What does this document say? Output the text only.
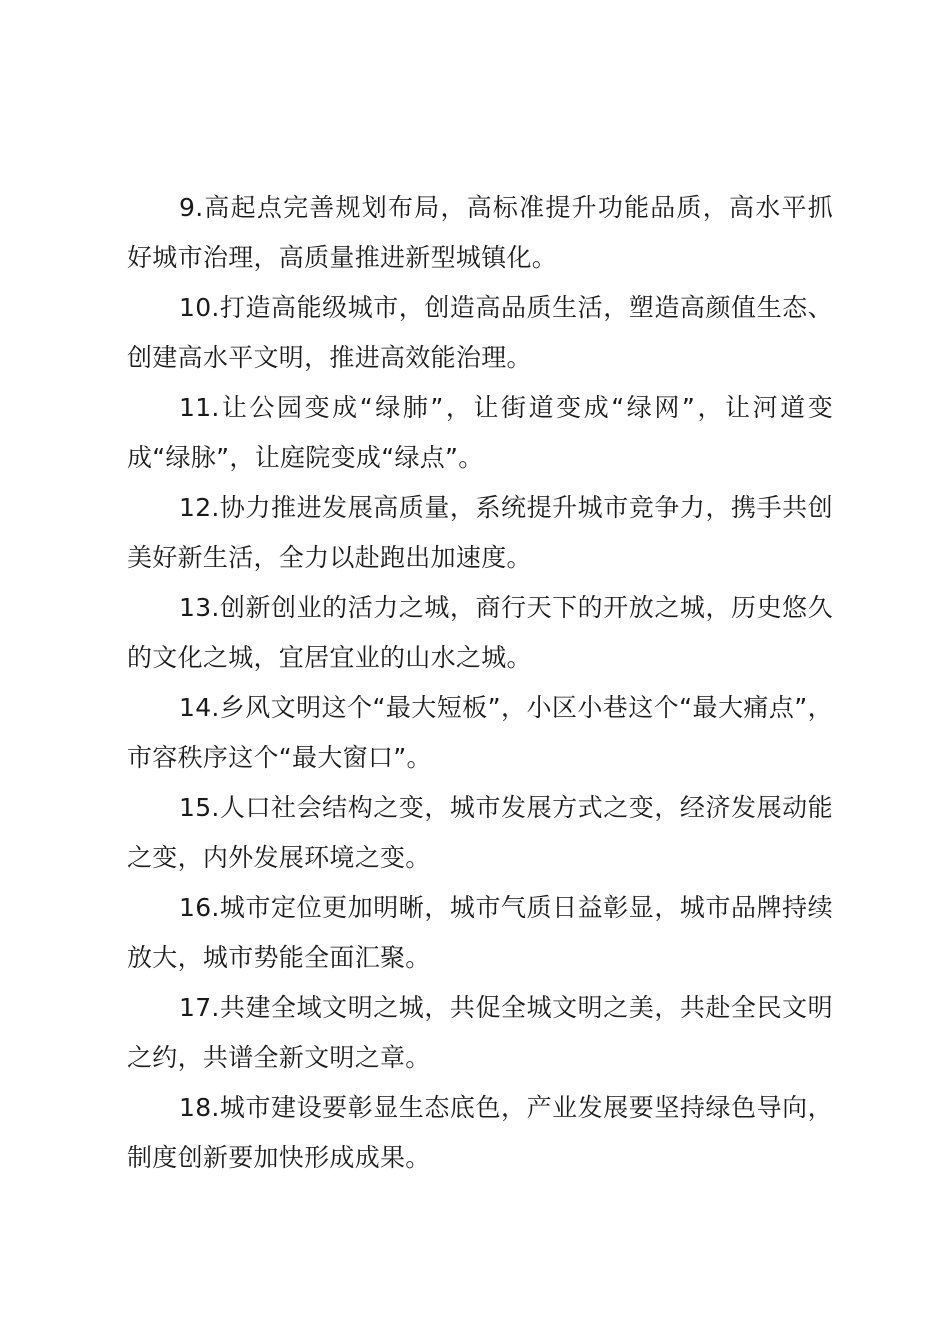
9.高起点完善规划布局，高标准提升功能品质，高水平抓好城市治理，高质量推进新型城镇化。

10.打造高能级城市，创造高品质生活，塑造高颜值生态、创建高水平文明，推进高效能治理。

11.让公园变成“绿肺”，让街道变成“绿网”，让河道变成“绿脉”，让庭院变成“绿点”。

12.协力推进发展高质量，系统提升城市竞争力，携手共创美好新生活，全力以赴跑出加速度。

13.创新创业的活力之城，商行天下的开放之城，历史悠久的文化之城，宜居宜业的山水之城。

14.乡风文明这个“最大短板”，小区小巷这个“最大痛点”，市容秩序这个“最大窗口”。

15.人口社会结构之变，城市发展方式之变，经济发展动能之变，内外发展环境之变。

16.城市定位更加明晰，城市气质日益彰显，城市品牌持续放大，城市势能全面汇聚。

17.共建全域文明之城，共促全城文明之美，共赴全民文明之约，共谱全新文明之章。

18.城市建设要彰显生态底色，产业发展要坚持绿色导向，制度创新要加快形成成果。
